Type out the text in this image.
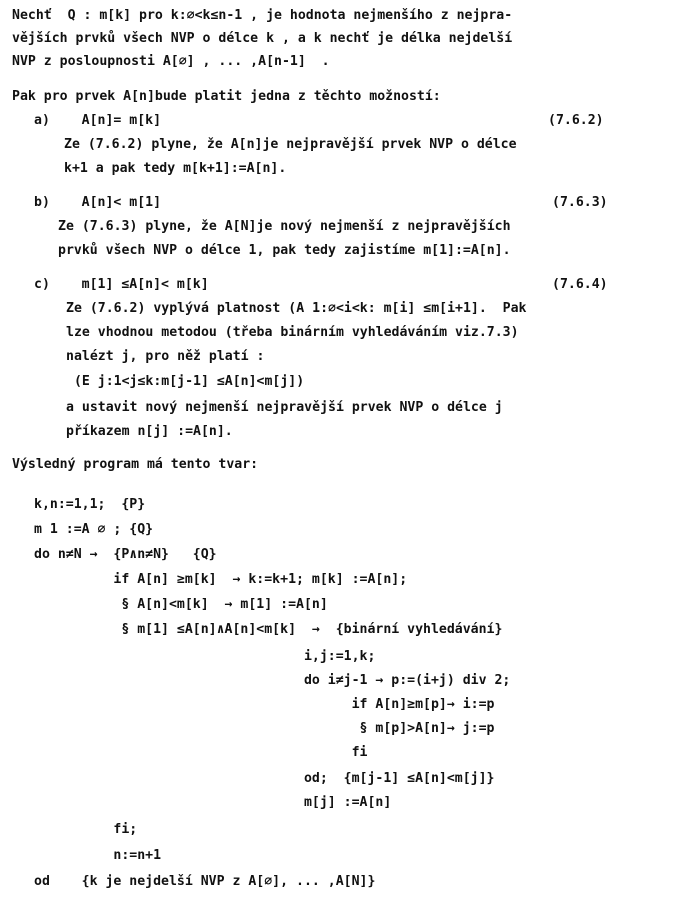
Nechť  Q : m[k] pro k:∅<k≤n-1 , je hodnota nejmenšího z nejpra-
vějších prvků všech NVP o délce k , a k nechť je délka nejdelší
NVP z posloupnosti A[∅] , ... ,A[n-1]  .
Pak pro prvek A[n]bude platit jedna z těchto možností:
a)    A[n]= m[k]	(7.6.2)
Ze (7.6.2) plyne, že A[n]je nejpravější prvek NVP o délce
k+1 a pak tedy m[k+1]:=A[n].
b)    A[n]< m[1]	(7.6.3)
Ze (7.6.3) plyne, že A[N]je nový nejmenší z nejpravějších
prvků všech NVP o délce 1, pak tedy zajistíme m[1]:=A[n].
c)    m[1] ≤A[n]< m[k]	(7.6.4)
Ze (7.6.2) vyplývá platnost (A 1:∅<i<k: m[i] ≤m[i+1].  Pak
lze vhodnou metodou (třeba binárním vyhledáváním viz.7.3)
nalézt j, pro něž platí :
(E j:1<j≤k:m[j-1] ≤A[n]<m[j])
a ustavit nový nejmenší nejpravější prvek NVP o délce j
příkazem n[j] :=A[n].
Výsledný program má tento tvar:
k,n:=1,1;  {P}
m 1 :=A ∅ ; {Q}
do n≠N →  {P∧n≠N}   {Q}
if A[n] ≥m[k]  → k:=k+1; m[k] :=A[n];
§ A[n]<m[k]  → m[1] :=A[n]
§ m[1] ≤A[n]∧A[n]<m[k]  →  {binární vyhledávání}
i,j:=1,k;
do i≠j-1 → p:=(i+j) div 2;
if A[n]≥m[p]→ i:=p
§ m[p]>A[n]→ j:=p
fi
od;  {m[j-1] ≤A[n]<m[j]}
m[j] :=A[n]
fi;
n:=n+1
od    {k je nejdelší NVP z A[∅], ... ,A[N]}
